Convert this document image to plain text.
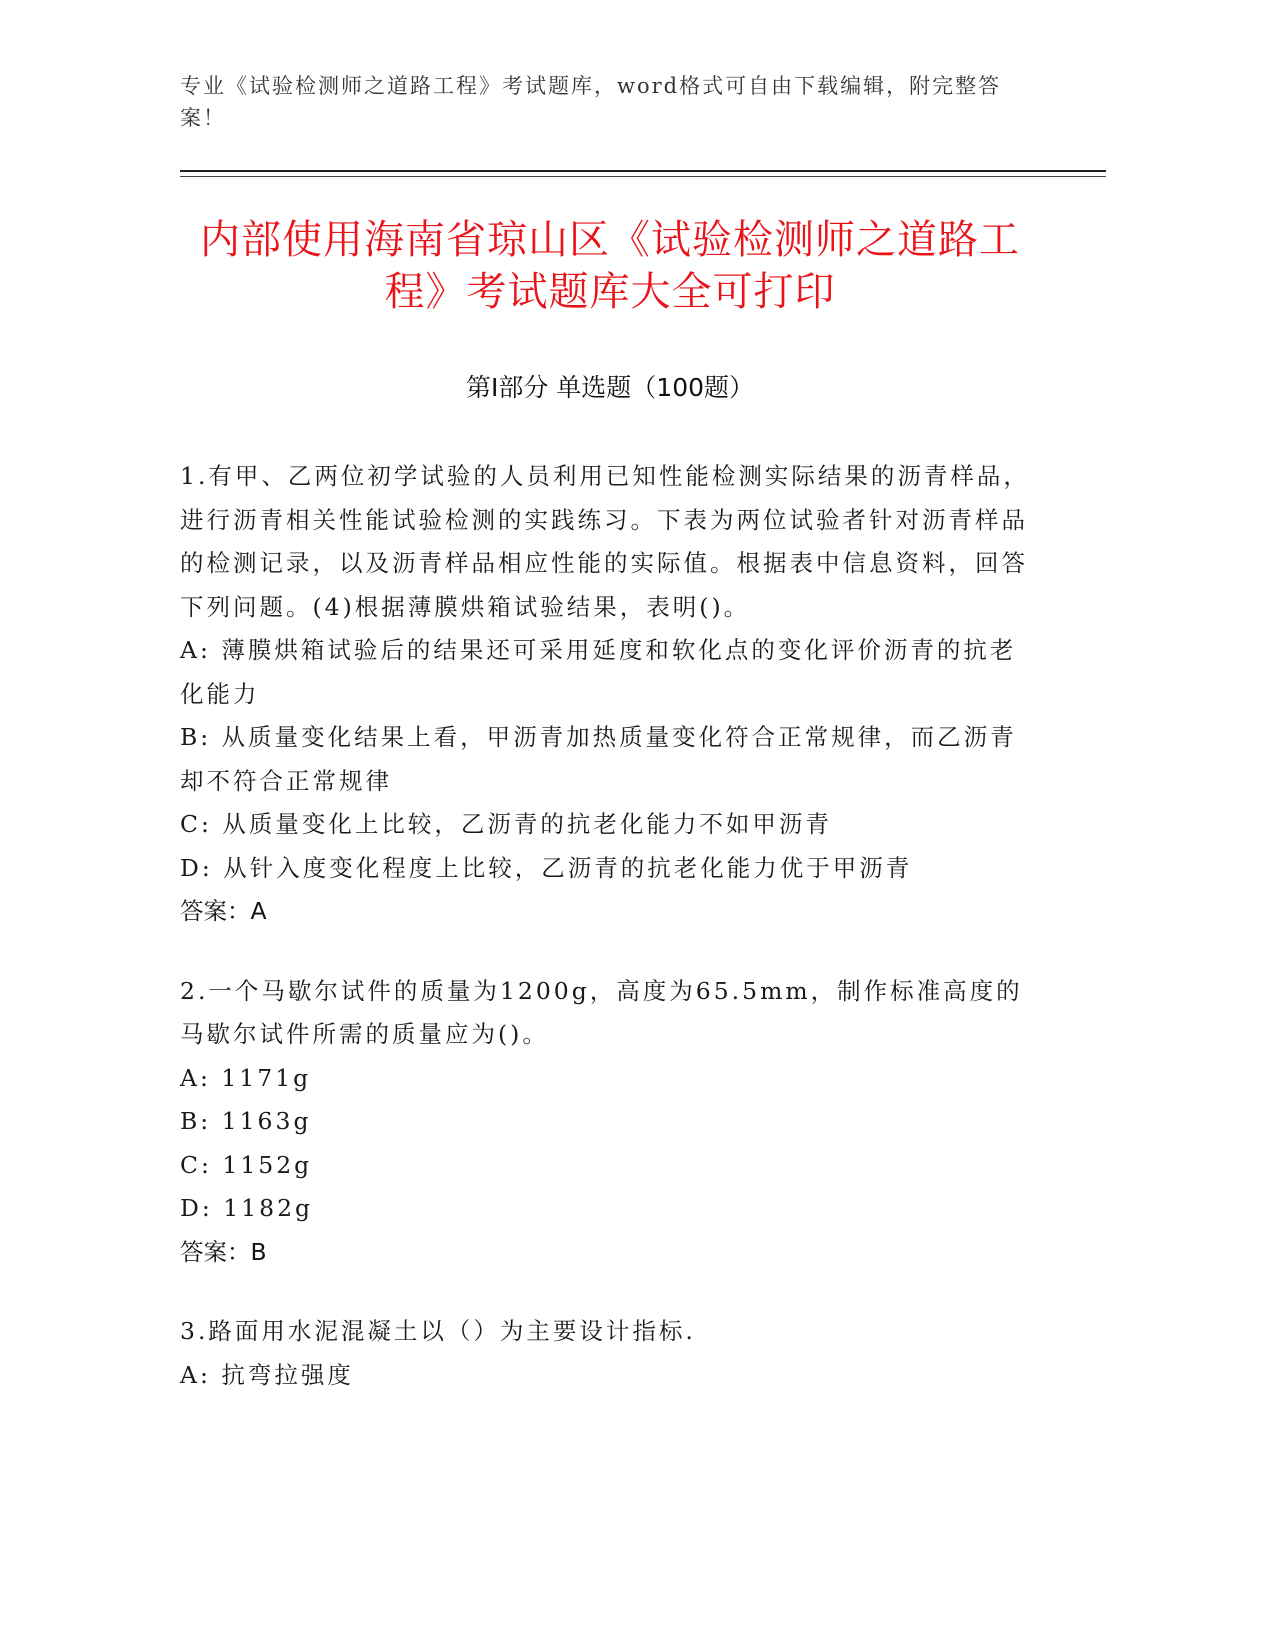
专业《试验检测师之道路工程》考试题库，word格式可自由下载编辑，附完整答案！
内部使用海南省琼山区《试验检测师之道路工程》考试题库大全可打印
第I部分 单选题（100题）
1.有甲、乙两位初学试验的人员利用已知性能检测实际结果的沥青样品，进行沥青相关性能试验检测的实践练习。下表为两位试验者针对沥青样品的检测记录，以及沥青样品相应性能的实际值。根据表中信息资料，回答下列问题。(4)根据薄膜烘箱试验结果，表明()。
A: 薄膜烘箱试验后的结果还可采用延度和软化点的变化评价沥青的抗老化能力
B: 从质量变化结果上看，甲沥青加热质量变化符合正常规律，而乙沥青却不符合正常规律
C: 从质量变化上比较，乙沥青的抗老化能力不如甲沥青
D: 从针入度变化程度上比较，乙沥青的抗老化能力优于甲沥青
答案：A
2.一个马歇尔试件的质量为1200g，高度为65.5mm，制作标准高度的马歇尔试件所需的质量应为()。
A: 1171g
B: 1163g
C: 1152g
D: 1182g
答案：B
3.路面用水泥混凝土以（）为主要设计指标.
A: 抗弯拉强度
